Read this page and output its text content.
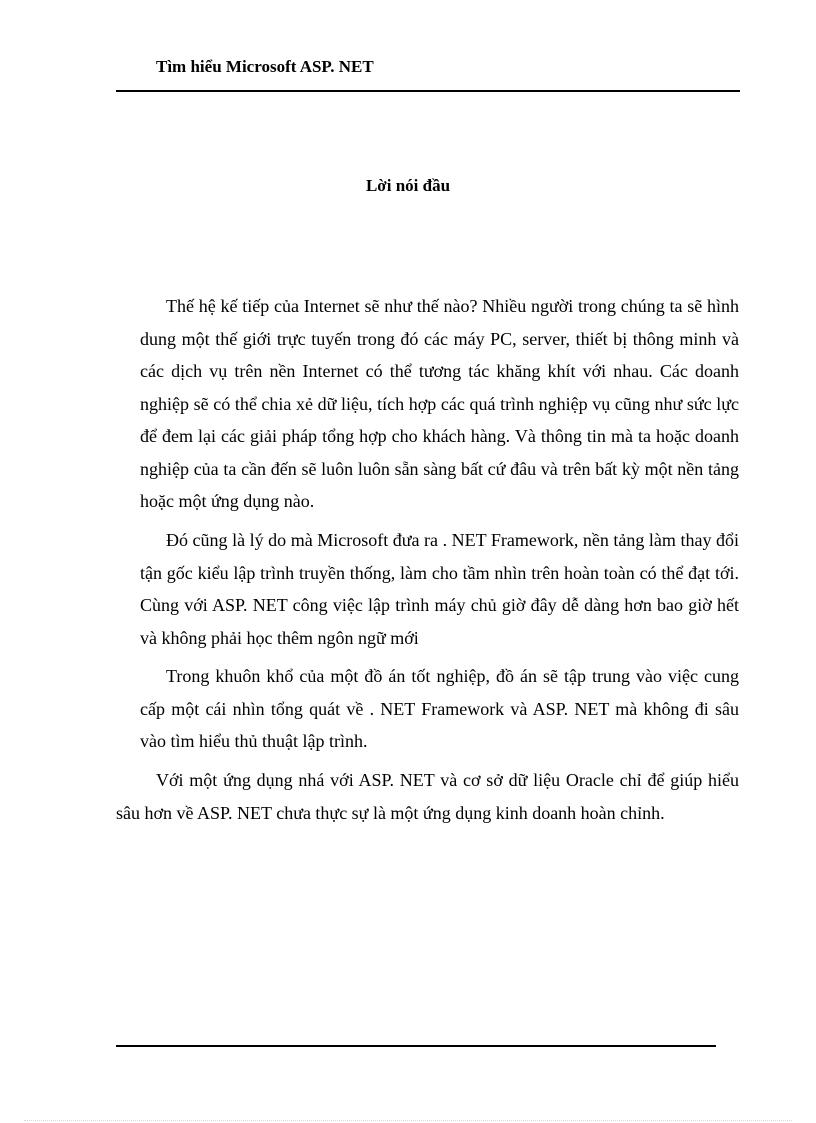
Tìm hiểu Microsoft ASP. NET
Lời nói đầu

Thế hệ kế tiếp của Internet sẽ như thế nào? Nhiều người trong chúng ta sẽ hình dung một thế giới trực tuyến trong đó các máy PC, server, thiết bị thông minh và các dịch vụ trên nền Internet có thể tương tác khăng khít với nhau. Các doanh nghiệp sẽ có thể chia xẻ dữ liệu, tích hợp các quá trình nghiệp vụ cũng như sức lực để đem lại các giải pháp tổng hợp cho khách hàng. Và thông tin mà ta hoặc doanh nghiệp của ta cần đến sẽ luôn luôn sẵn sàng bất cứ đâu và trên bất kỳ một nền tảng hoặc một ứng dụng nào.

Đó cũng là lý do mà Microsoft đưa ra . NET Framework, nền tảng làm thay đổi tận gốc kiểu lập trình truyền thống, làm cho tầm nhìn trên hoàn toàn có thể đạt tới. Cùng với ASP. NET công việc lập trình máy chủ giờ đây dễ dàng hơn bao giờ hết và không phải học thêm ngôn ngữ mới

Trong khuôn khổ của một đồ án tốt nghiệp, đồ án sẽ tập trung vào việc cung cấp một cái nhìn tổng quát về . NET Framework và ASP. NET mà không đi sâu vào tìm hiểu thủ thuật lập trình.

Với một ứng dụng nhá với ASP. NET và cơ sở dữ liệu Oracle chỉ để giúp hiểu sâu hơn về ASP. NET chưa thực sự là một ứng dụng kinh doanh hoàn chỉnh.
